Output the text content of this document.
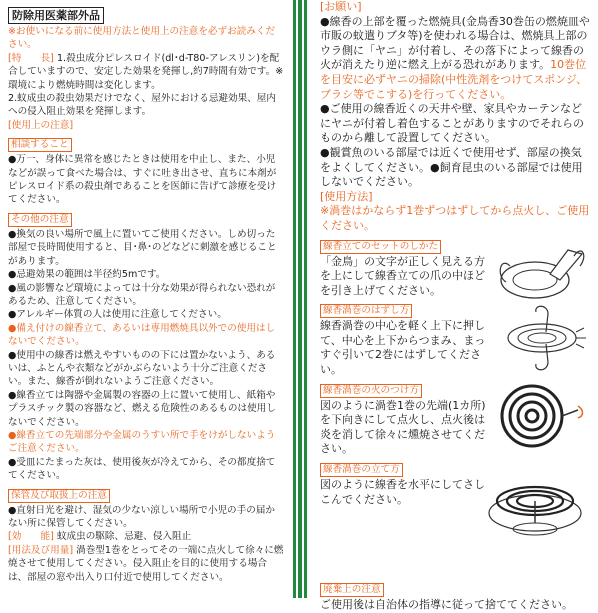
防除用医薬部外品

※お使いになる前に使用方法と使用上の注意を必ずお読みください。

[特　　長] 1.殺虫成分ピレスロイド(dl･d-T80-アレスリン)を配合していますので、安定した効果を発揮し,約7時間有効です。※環境により燃焼時間は変化します。

2.蚊成虫の殺虫効果だけでなく、屋外における忌避効果、屋内への侵入阻止効果を発揮します。

[使用上の注意]

相談すること

●万一、身体に異常を感じたときは使用を中止し、また、小児などが誤って食べた場合は、すぐに吐き出させ、直ちに本剤がピレスロイド系の殺虫剤であることを医師に告げて診療を受けてください。

その他の注意

●換気の良い場所で風上に置いてご使用ください。しめ切った部屋で長時間使用すると、目･鼻･のどなどに刺激を感じることがあります。

●忌避効果の範囲は半径約5mです。

●風の影響など環境によっては十分な効果が得られない恐れがあるため、注意してください。

●アレルギー体質の人は使用に注意してください。

●備え付けの線香立て、あるいは専用燃焼具以外での使用はしないでください。

●使用中の線香は燃えやすいものの下には置かないよう、あるいは、ふとんや衣類などがかぶらないよう十分ご注意ください。また、線香が倒れないようご注意ください。

●線香立ては陶器や金属製の容器の上に置いて使用し、紙箱やプラスチック製の容器など、燃える危険性のあるものは使用しないでください。

●線香立ての先端部分や金属のうすい所で手をけがしないようご注意ください。

●受皿にたまった灰は、使用後灰が冷えてから、その都度捨ててください。

保管及び取扱上の注意

●直射日光を避け、湿気の少ない涼しい場所で小児の手の届かない所に保管してください。

[効　　能] 蚊成虫の駆除、忌避、侵入阻止

[用法及び用量] 渦巻型1巻をとってその一端に点火して徐々に燃焼させて使用してください。侵入阻止を目的に使用する場合は、部屋の窓や出入り口付近で使用してください。

[お願い]

●線香の上部を覆った燃焼具(金鳥香30巻缶の燃焼皿や市販の蚊遣りブタ等)を使われる場合は、燃焼具上部のウラ側に「ヤニ」が付着し、その落下によって線香の火が消えたり逆に燃え上がる恐れがあります。10巻位を目安に必ずヤニの掃除(中性洗剤をつけてスポンジ、ブラシ等でこする)を行ってください。

●ご使用の線香近くの天井や壁、家具やカーテンなどにヤニが付着し着色することがありますのでそれらのものから離して設置してください。

●観賞魚のいる部屋では近くで使用せず、部屋の換気をよくしてください。●飼育昆虫のいる部屋では使用しないでください。

[使用方法]

※渦巻はかならず1巻ずつはずしてから点火し、ご使用ください。

線香立てのセットのしかた

「金鳥」の文字が正しく見える方を上にして線香立ての爪の中ほどを引き上げてください。

線香渦巻のはずし方

線香渦巻の中心を軽く上下に押して、中心を上下からつまみ、まっすぐ引いて2巻にはずしてください。

線香渦巻の火のつけ方

図のように渦巻1巻の先端(1カ所)を下向きにして点火し、点火後は炎を消して徐々に燻焼させてください。

線香渦巻の立て方

図のように線香を水平にしてさしこんでください。

廃棄上の注意

ご使用後は自治体の指導に従って捨ててください。
